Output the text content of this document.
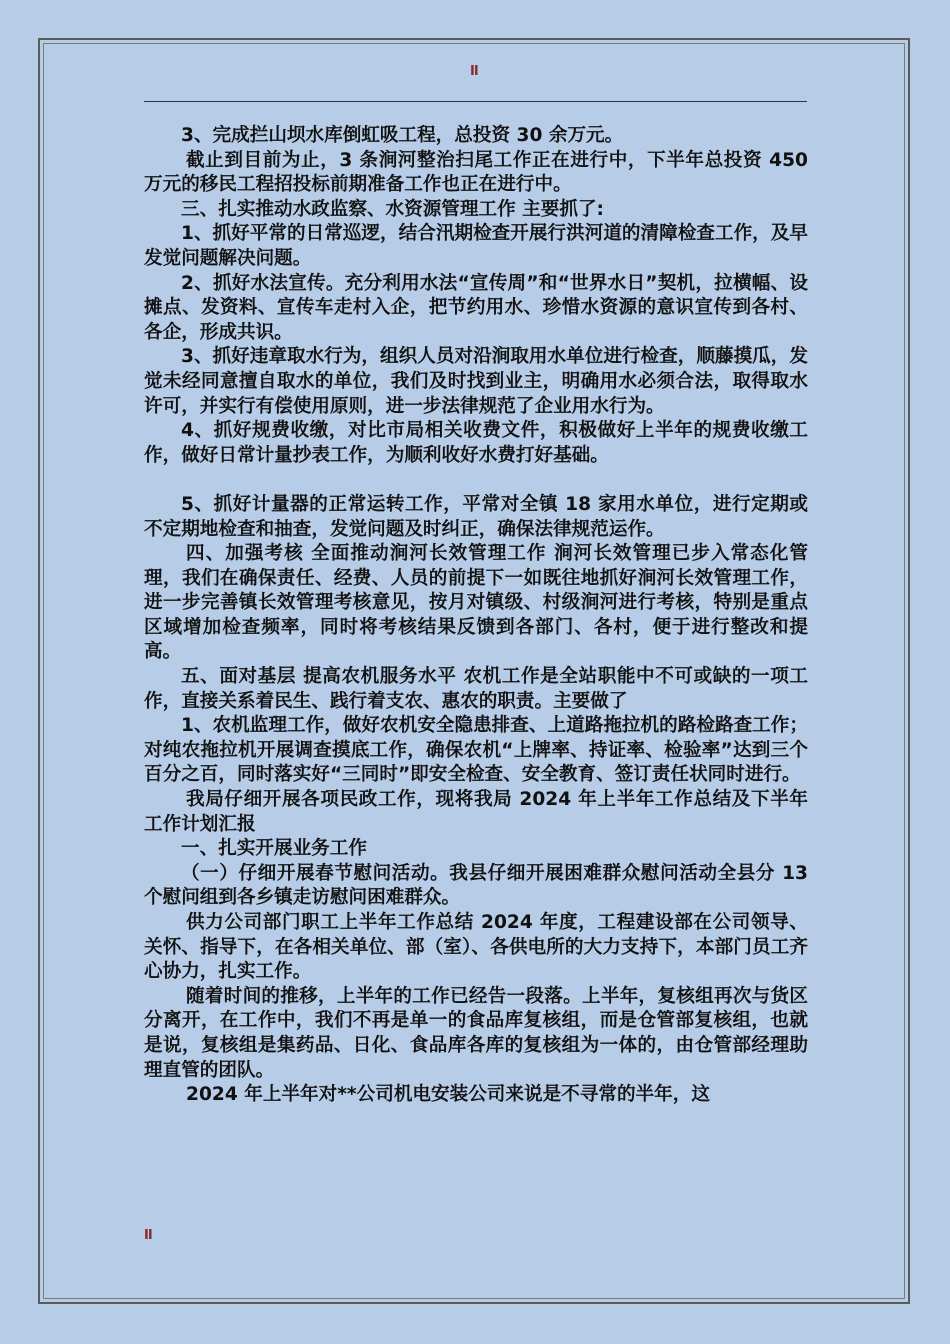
II

3、完成拦山坝水库倒虹吸工程，总投资 30 余万元。

截止到目前为止，3 条涧河整治扫尾工作正在进行中，下半年总投资 450 万元的移民工程招投标前期准备工作也正在进行中。

三、扎实推动水政监察、水资源管理工作 主要抓了:

1、抓好平常的日常巡逻，结合汛期检查开展行洪河道的清障检查工作，及早发觉问题解决问题。

2、抓好水法宣传。充分利用水法“宣传周”和“世界水日”契机，拉横幅、设摊点、发资料、宣传车走村入企，把节约用水、珍惜水资源的意识宣传到各村、各企，形成共识。

3、抓好违章取水行为，组织人员对沿涧取用水单位进行检查，顺藤摸瓜，发觉未经同意擅自取水的单位，我们及时找到业主，明确用水必须合法，取得取水许可，并实行有偿使用原则，进一步法律规范了企业用水行为。

4、抓好规费收缴，对比市局相关收费文件，积极做好上半年的规费收缴工作，做好日常计量抄表工作，为顺利收好水费打好基础。

5、抓好计量器的正常运转工作，平常对全镇 18 家用水单位，进行定期或不定期地检查和抽查，发觉问题及时纠正，确保法律规范运作。

四、加强考核 全面推动涧河长效管理工作 涧河长效管理已步入常态化管理，我们在确保责任、经费、人员的前提下一如既往地抓好涧河长效管理工作，进一步完善镇长效管理考核意见，按月对镇级、村级涧河进行考核，特别是重点区域增加检查频率，同时将考核结果反馈到各部门、各村，便于进行整改和提高。

五、面对基层 提高农机服务水平 农机工作是全站职能中不可或缺的一项工作，直接关系着民生、践行着支农、惠农的职责。主要做了

1、农机监理工作，做好农机安全隐患排查、上道路拖拉机的路检路查工作；对纯农拖拉机开展调查摸底工作，确保农机“上牌率、持证率、检验率”达到三个百分之百，同时落实好“三同时”即安全检查、安全教育、签订责任状同时进行。

我局仔细开展各项民政工作，现将我局 2024 年上半年工作总结及下半年工作计划汇报

一、扎实开展业务工作

（一）仔细开展春节慰问活动。我县仔细开展困难群众慰问活动全县分 13 个慰问组到各乡镇走访慰问困难群众。

供力公司部门职工上半年工作总结 2024 年度，工程建设部在公司领导、关怀、指导下，在各相关单位、部（室）、各供电所的大力支持下，本部门员工齐心协力，扎实工作。

随着时间的推移，上半年的工作已经告一段落。上半年，复核组再次与货区分离开，在工作中，我们不再是单一的食品库复核组，而是仓管部复核组，也就是说，复核组是集药品、日化、食品库各库的复核组为一体的，由仓管部经理助理直管的团队。

2024 年上半年对**公司机电安装公司来说是不寻常的半年，这

II
